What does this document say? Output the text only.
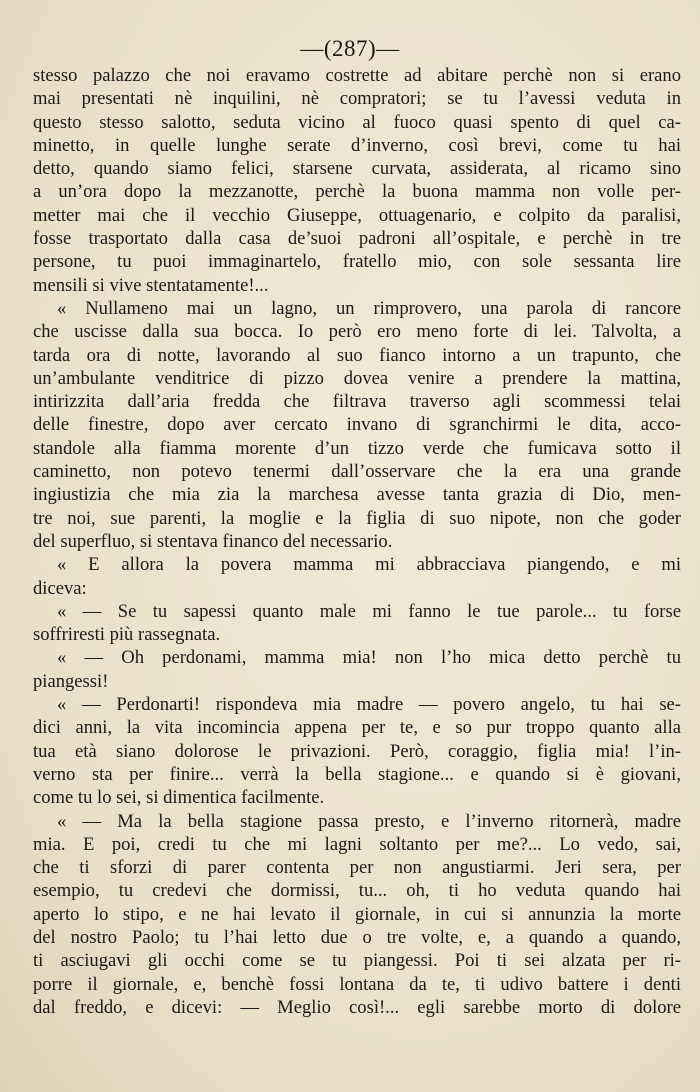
—(287)—
stesso palazzo che noi eravamo costrette ad abitare perchè non si erano
mai presentati nè inquilini, nè compratori; se tu l’avessi veduta in
questo stesso salotto, seduta vicino al fuoco quasi spento di quel ca-
minetto, in quelle lunghe serate d’inverno, così brevi, come tu hai
detto, quando siamo felici, starsene curvata, assiderata, al ricamo sino
a un’ora dopo la mezzanotte, perchè la buona mamma non volle per-
metter mai che il vecchio Giuseppe, ottuagenario, e colpito da paralisi,
fosse trasportato dalla casa de’suoi padroni all’ospitale, e perchè in tre
persone, tu puoi immaginartelo, fratello mio, con sole sessanta lire
mensili si vive stentatamente!...
« Nullameno mai un lagno, un rimprovero, una parola di rancore
che uscisse dalla sua bocca. Io però ero meno forte di lei. Talvolta, a
tarda ora di notte, lavorando al suo fianco intorno a un trapunto, che
un’ambulante venditrice di pizzo dovea venire a prendere la mattina,
intirizzita dall’aria fredda che filtrava traverso agli scommessi telai
delle finestre, dopo aver cercato invano di sgranchirmi le dita, acco-
standole alla fiamma morente d’un tizzo verde che fumicava sotto il
caminetto, non potevo tenermi dall’osservare che la era una grande
ingiustizia che mia zia la marchesa avesse tanta grazia di Dio, men-
tre noi, sue parenti, la moglie e la figlia di suo nipote, non che goder
del superfluo, si stentava financo del necessario.
« E allora la povera mamma mi abbracciava piangendo, e mi
diceva:
« — Se tu sapessi quanto male mi fanno le tue parole... tu forse
soffriresti più rassegnata.
« — Oh perdonami, mamma mia! non l’ho mica detto perchè tu
piangessi!
« — Perdonarti! rispondeva mia madre — povero angelo, tu hai se-
dici anni, la vita incomincia appena per te, e so pur troppo quanto alla
tua età siano dolorose le privazioni. Però, coraggio, figlia mia! l’in-
verno sta per finire... verrà la bella stagione... e quando si è giovani,
come tu lo sei, si dimentica facilmente.
« — Ma la bella stagione passa presto, e l’inverno ritornerà, madre
mia. E poi, credi tu che mi lagni soltanto per me?... Lo vedo, sai,
che ti sforzi di parer contenta per non angustiarmi. Jeri sera, per
esempio, tu credevi che dormissi, tu... oh, ti ho veduta quando hai
aperto lo stipo, e ne hai levato il giornale, in cui si annunzia la morte
del nostro Paolo; tu l’hai letto due o tre volte, e, a quando a quando,
ti asciugavi gli occhi come se tu piangessi. Poi ti sei alzata per ri-
porre il giornale, e, benchè fossi lontana da te, ti udivo battere i denti
dal freddo, e dicevi: — Meglio così!... egli sarebbe morto di dolore
